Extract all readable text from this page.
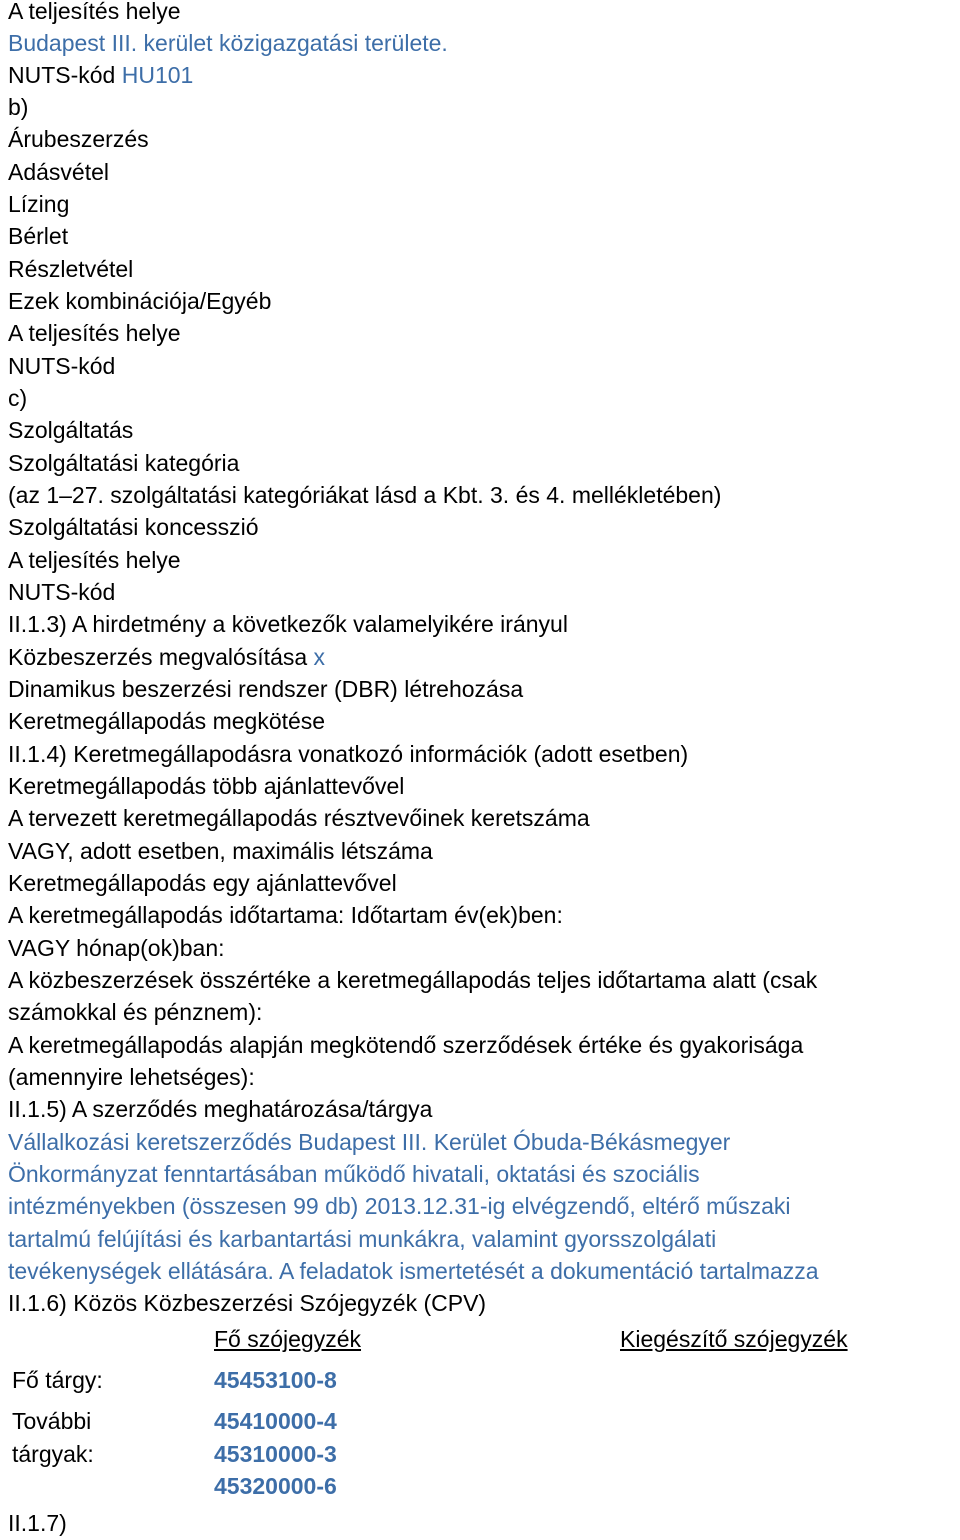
A teljesítés helye
Budapest III. kerület közigazgatási területe.
NUTS-kód HU101
b)
Árubeszerzés
Adásvétel
Lízing
Bérlet
Részletvétel
Ezek kombinációja/Egyéb
A teljesítés helye
NUTS-kód
c)
Szolgáltatás
Szolgáltatási kategória
(az 1–27. szolgáltatási kategóriákat lásd a Kbt. 3. és 4. mellékletében)
Szolgáltatási koncesszió
A teljesítés helye
NUTS-kód
II.1.3) A hirdetmény a következők valamelyikére irányul
Közbeszerzés megvalósítása x
Dinamikus beszerzési rendszer (DBR) létrehozása
Keretmegállapodás megkötése
II.1.4) Keretmegállapodásra vonatkozó információk (adott esetben)
Keretmegállapodás több ajánlattevővel
A tervezett keretmegállapodás résztvevőinek keretszáma
VAGY, adott esetben, maximális létszáma
Keretmegállapodás egy ajánlattevővel
A keretmegállapodás időtartama: Időtartam év(ek)ben:
VAGY hónap(ok)ban:
A közbeszerzések összértéke a keretmegállapodás teljes időtartama alatt (csak
számokkal és pénznem):
A keretmegállapodás alapján megkötendő szerződések értéke és gyakorisága
(amennyire lehetséges):
II.1.5) A szerződés meghatározása/tárgya
Vállalkozási keretszerződés Budapest III. Kerület Óbuda-Békásmegyer
Önkormányzat fenntartásában működő hivatali, oktatási és szociális
intézményekben (összesen 99 db) 2013.12.31-ig elvégzendő, eltérő műszaki
tartalmú felújítási és karbantartási munkákra, valamint gyorsszolgálati
tevékenységek ellátására. A feladatok ismertetését a dokumentáció tartalmazza
II.1.6) Közös Közbeszerzési Szójegyzék (CPV)
Fő szójegyzék	Kiegészítő szójegyzék
Fő tárgy:	45453100-8
További
tárgyak:
45410000-4
45310000-3
45320000-6
II.1.7)
